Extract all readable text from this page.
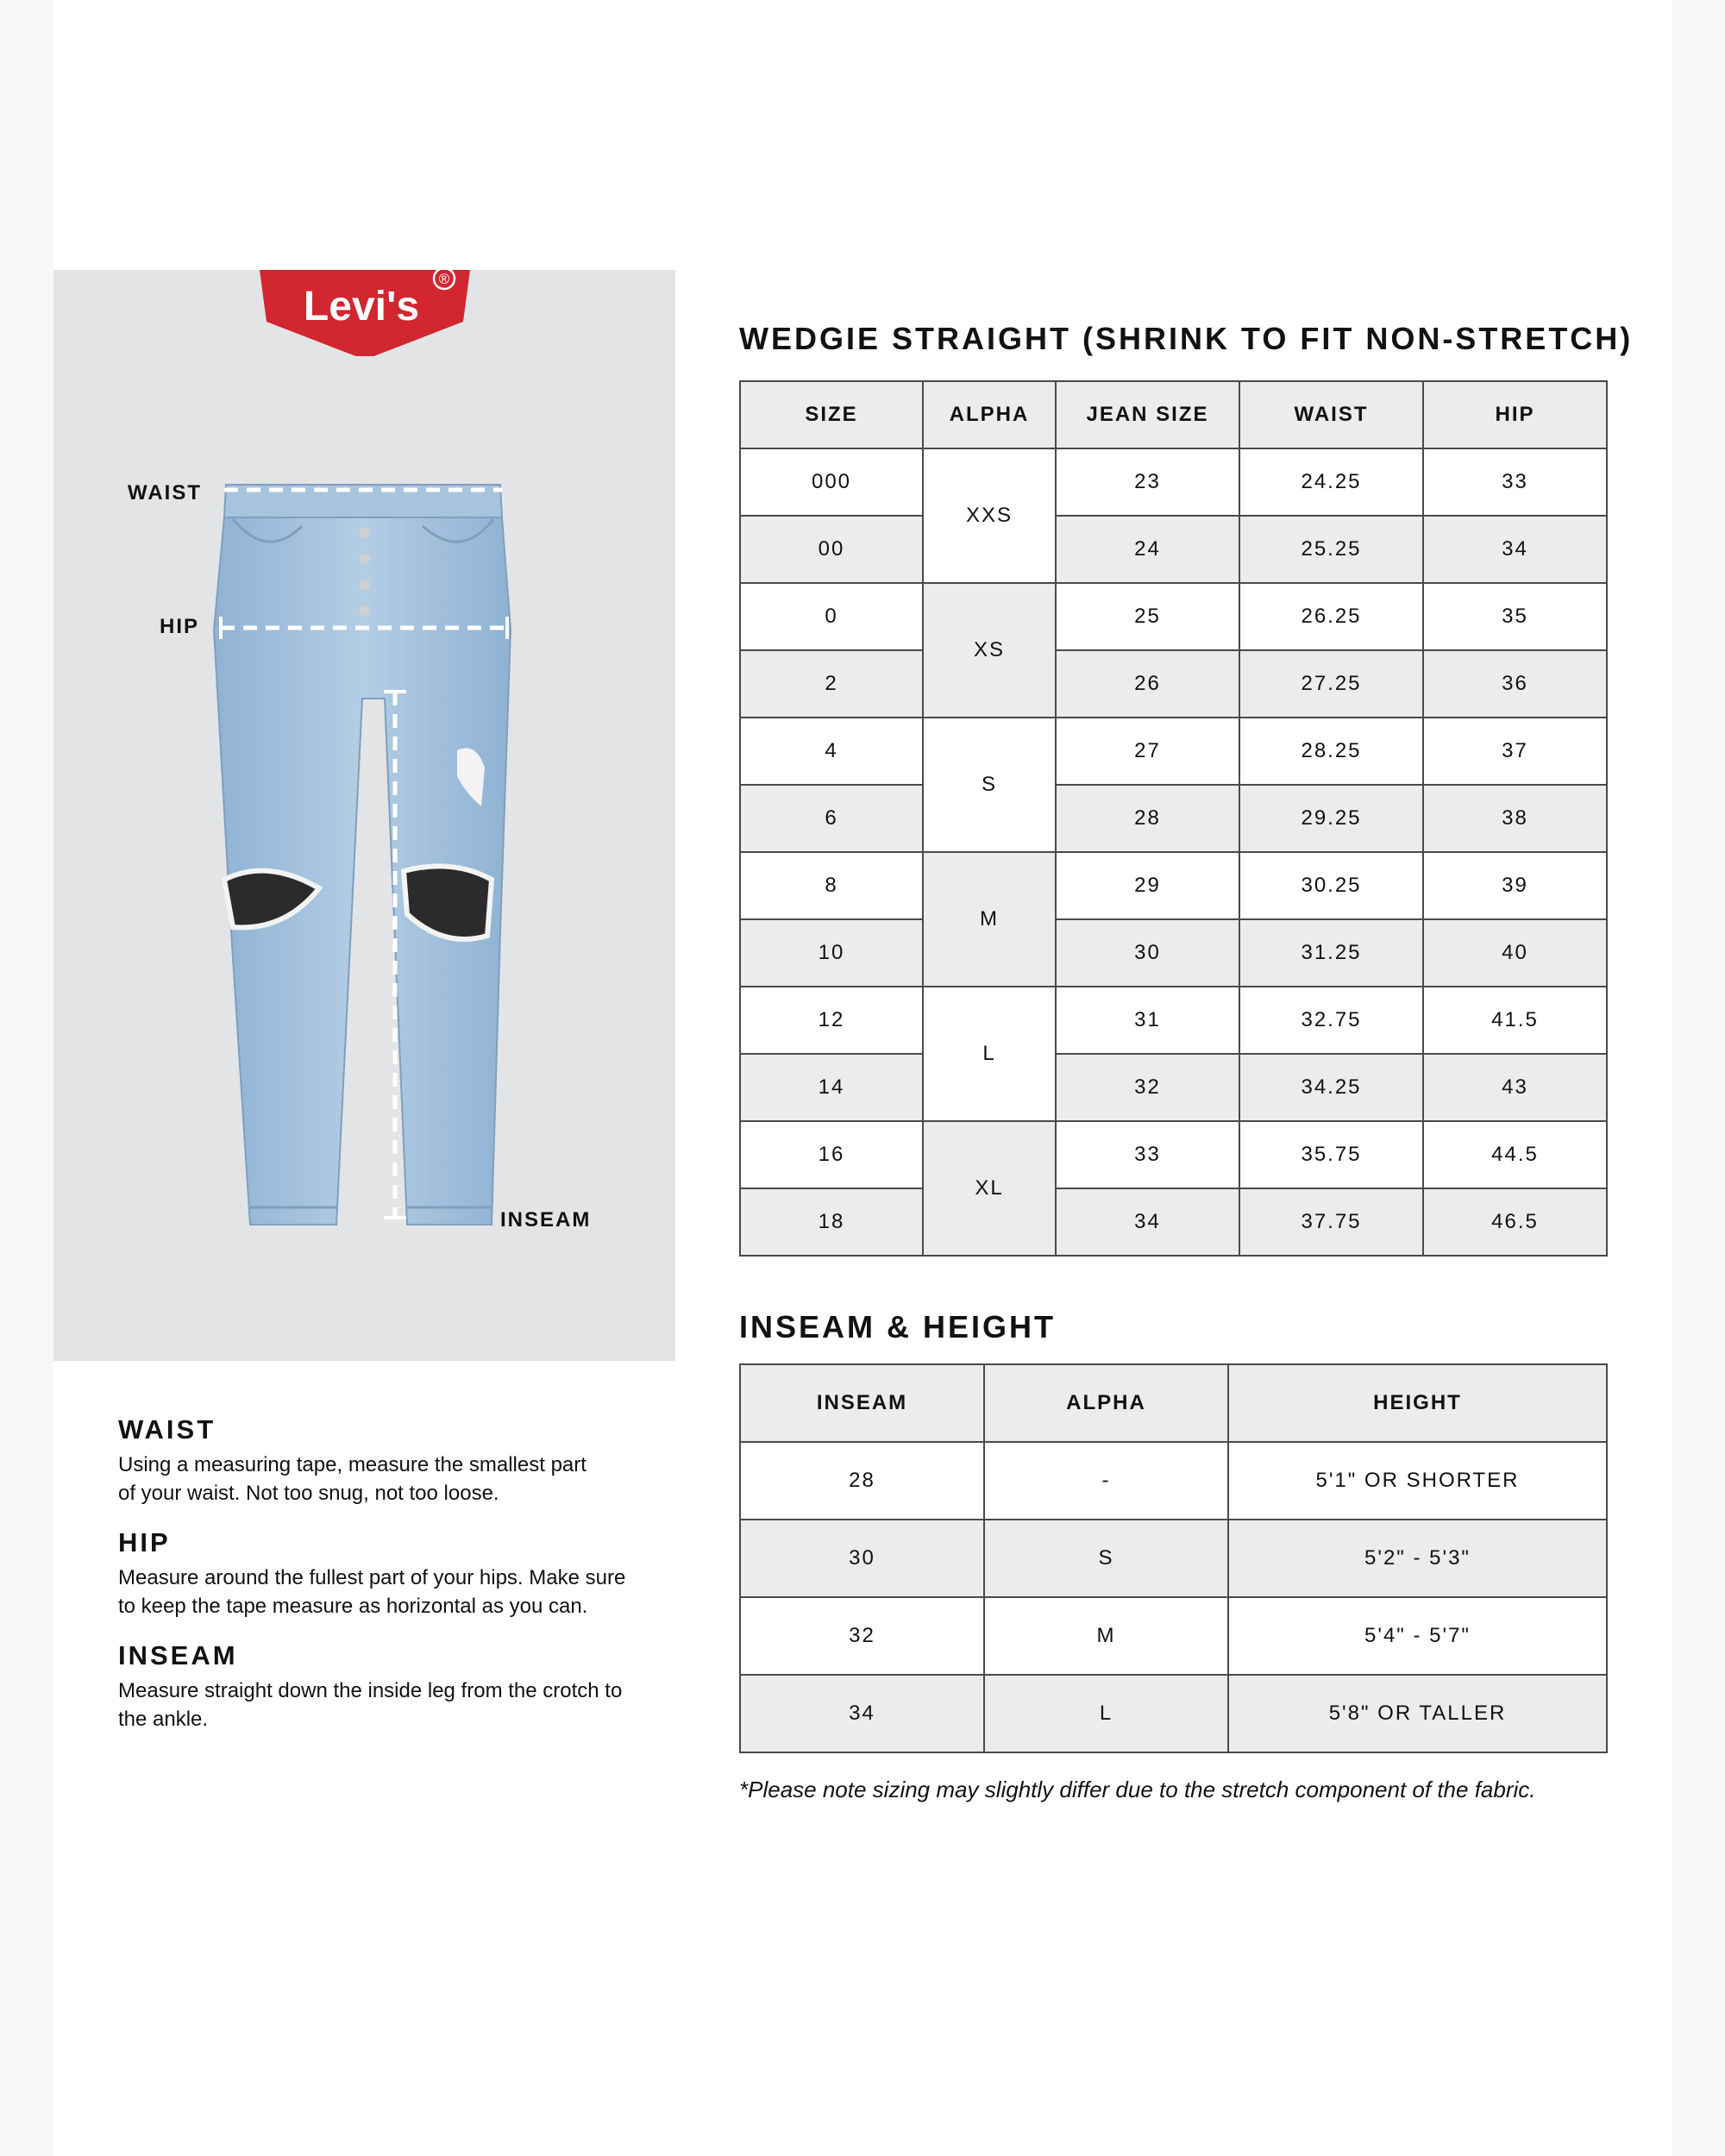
Levi's
®
WAIST
HIP
INSEAM
WAIST

Using a measuring tape, measure the smallest part
of your waist. Not too snug, not too loose.

HIP

Measure around the fullest part of your hips. Make sure
to keep the tape measure as horizontal as you can.

INSEAM

Measure straight down the inside leg from the crotch to
the ankle.

WEDGIE STRAIGHT (SHRINK TO FIT NON-STRETCH)
SIZE	ALPHA	JEAN SIZE	WAIST	HIP
000	XXS	23	24.25	33
00		24	25.25	34
0	XS	25	26.25	35
2		26	27.25	36
4	S	27	28.25	37
6		28	29.25	38
8	M	29	30.25	39
10		30	31.25	40
12	L	31	32.75	41.5
14		32	34.25	43
16	XL	33	35.75	44.5
18		34	37.75	46.5
INSEAM & HEIGHT
INSEAM	ALPHA	HEIGHT
28	-	5'1" OR SHORTER
30	S	5'2" - 5'3"
32	M	5'4" - 5'7"
34	L	5'8" OR TALLER

*Please note sizing may slightly differ due to the stretch component of the fabric.
